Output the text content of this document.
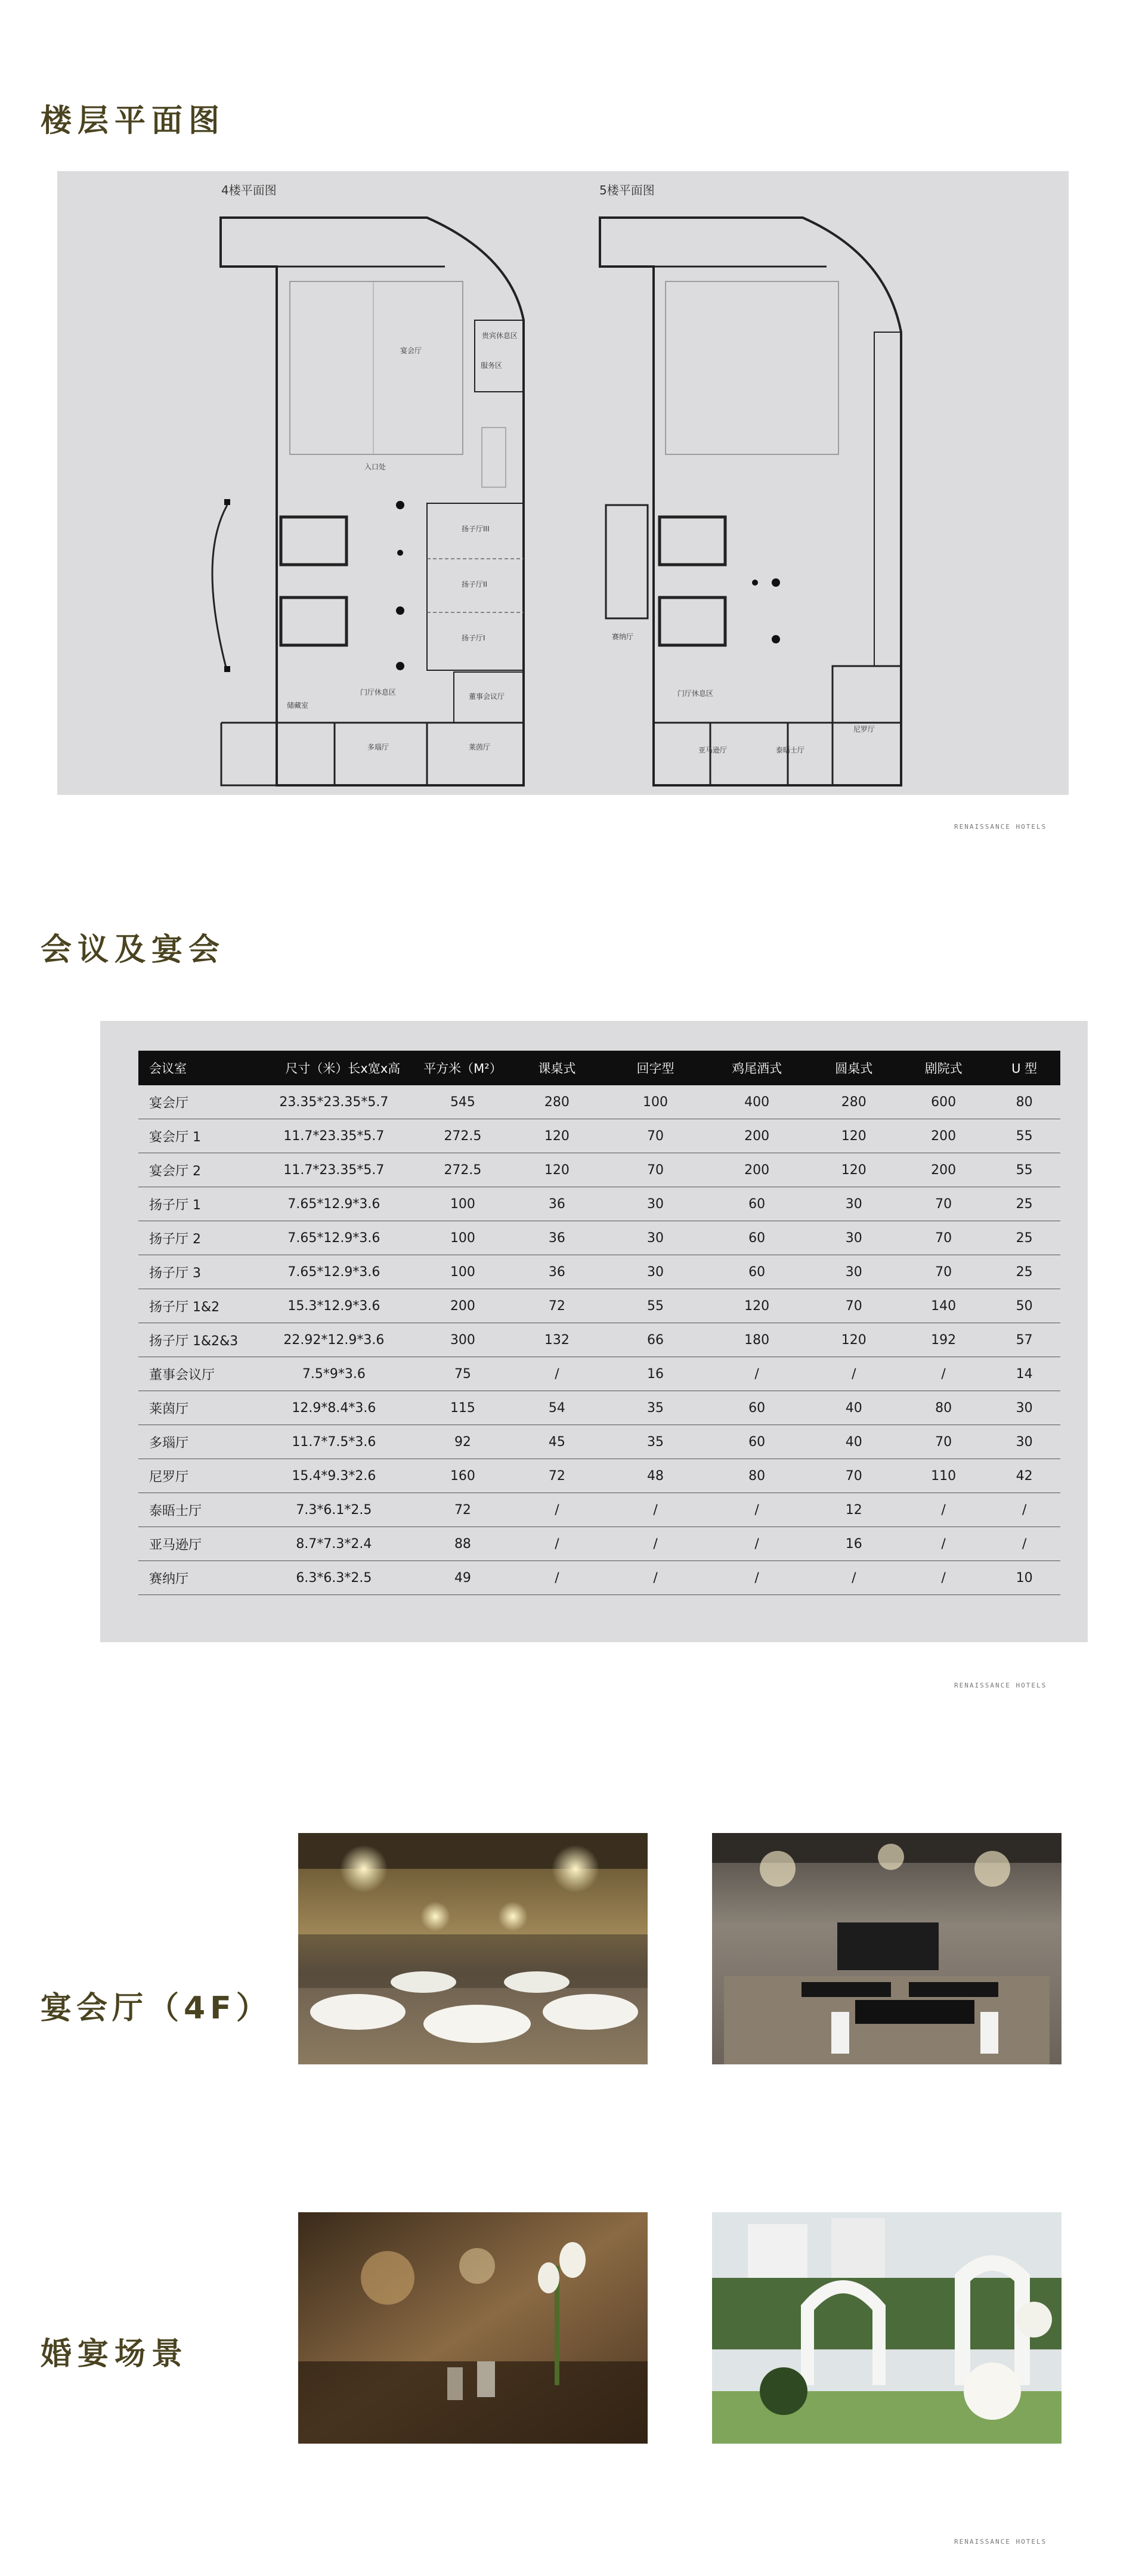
楼层平面图
4楼平面图	5楼平面图
宴会厅
入口处
扬子厅III
扬子厅II
扬子厅I
门厅休息区	董事会议厅
多瑙厅	莱茵厅
贵宾休息区
储藏室
服务区
赛纳厅
门厅休息区
亚马逊厅	泰晤士厅
尼罗厅
RENAISSANCE HOTELS
会议及宴会
会议室	尺寸（米）长x宽x高	平方米（M²）	课桌式	回字型	鸡尾酒式	圆桌式	剧院式	U 型
宴会厅	23.35*23.35*5.7	545	280	100	400	280	600	80
宴会厅 1	11.7*23.35*5.7	272.5	120	70	200	120	200	55
宴会厅 2	11.7*23.35*5.7	272.5	120	70	200	120	200	55
扬子厅 1	7.65*12.9*3.6	100	36	30	60	30	70	25
扬子厅 2	7.65*12.9*3.6	100	36	30	60	30	70	25
扬子厅 3	7.65*12.9*3.6	100	36	30	60	30	70	25
扬子厅 1&2	15.3*12.9*3.6	200	72	55	120	70	140	50
扬子厅 1&2&3	22.92*12.9*3.6	300	132	66	180	120	192	57
董事会议厅	7.5*9*3.6	75	/	16	/	/	/	14
莱茵厅	12.9*8.4*3.6	115	54	35	60	40	80	30
多瑙厅	11.7*7.5*3.6	92	45	35	60	40	70	30
尼罗厅	15.4*9.3*2.6	160	72	48	80	70	110	42
泰晤士厅	7.3*6.1*2.5	72	/	/	/	12	/	/
亚马逊厅	8.7*7.3*2.4	88	/	/	/	16	/	/
赛纳厅	6.3*6.3*2.5	49	/	/	/	/	/	10
RENAISSANCE HOTELS
宴会厅（4F）
婚宴场景
RENAISSANCE HOTELS
